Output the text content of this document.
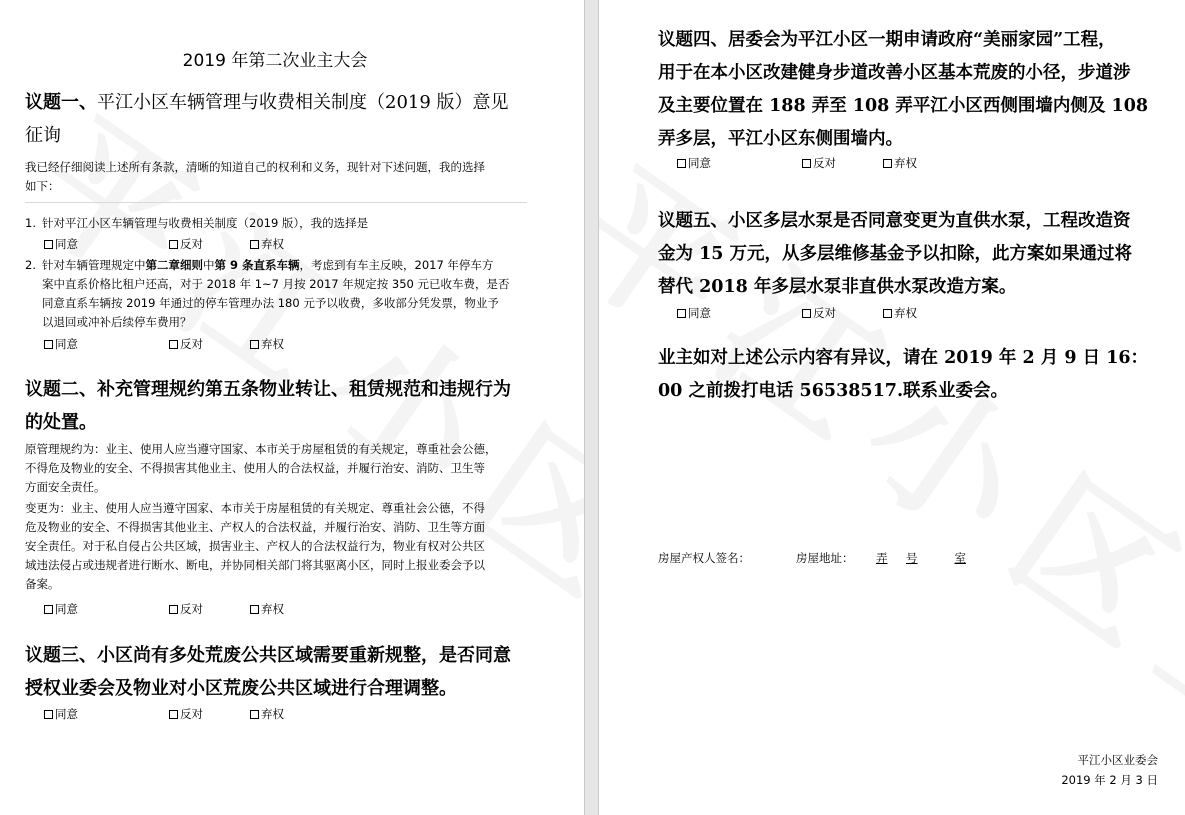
2019 年第二次业主大会
议题一、平江小区车辆管理与收费相关制度（2019 版）意见
征询
我已经仔细阅读上述所有条款，清晰的知道自己的权利和义务，现针对下述问题，我的选择
如下：
1. 针对平江小区车辆管理与收费相关制度（2019 版），我的选择是
同意	反对	弃权
2. 针对车辆管理规定中第二章细则中第 9 条直系车辆，考虑到有车主反映，2017 年停车方
案中直系价格比租户还高，对于 2018 年 1~7 月按 2017 年规定按 350 元已收车费，是否
同意直系车辆按 2019 年通过的停车管理办法 180 元予以收费，多收部分凭发票，物业予
以退回或冲补后续停车费用？
同意	反对	弃权
议题二、补充管理规约第五条物业转让、租赁规范和违规行为
的处置。
原管理规约为：业主、使用人应当遵守国家、本市关于房屋租赁的有关规定，尊重社会公德，
不得危及物业的安全、不得损害其他业主、使用人的合法权益，并履行治安、消防、卫生等
方面安全责任。
变更为：业主、使用人应当遵守国家、本市关于房屋租赁的有关规定、尊重社会公德，不得
危及物业的安全、不得损害其他业主、产权人的合法权益，并履行治安、消防、卫生等方面
安全责任。对于私自侵占公共区域，损害业主、产权人的合法权益行为，物业有权对公共区
域违法侵占或违规者进行断水、断电，并协同相关部门将其驱离小区，同时上报业委会予以
备案。
同意	反对	弃权
议题三、小区尚有多处荒废公共区域需要重新规整，是否同意
授权业委会及物业对小区荒废公共区域进行合理调整。
同意	反对	弃权
议题四、居委会为平江小区一期申请政府“美丽家园”工程，
用于在本小区改建健身步道改善小区基本荒废的小径，步道涉
及主要位置在 188 弄至 108 弄平江小区西侧围墙内侧及 108
弄多层，平江小区东侧围墙内。
同意	反对	弃权
议题五、小区多层水泵是否同意变更为直供水泵，工程改造资
金为 15 万元，从多层维修基金予以扣除，此方案如果通过将
替代 2018 年多层水泵非直供水泵改造方案。
同意	反对	弃权
业主如对上述公示内容有异议，请在 2019 年 2 月 9 日 16：
00 之前拨打电话 56538517.联系业委会。
房屋产权人签名：	房屋地址：	弄	号	室
平江小区业委会
2019 年 2 月 3 日
